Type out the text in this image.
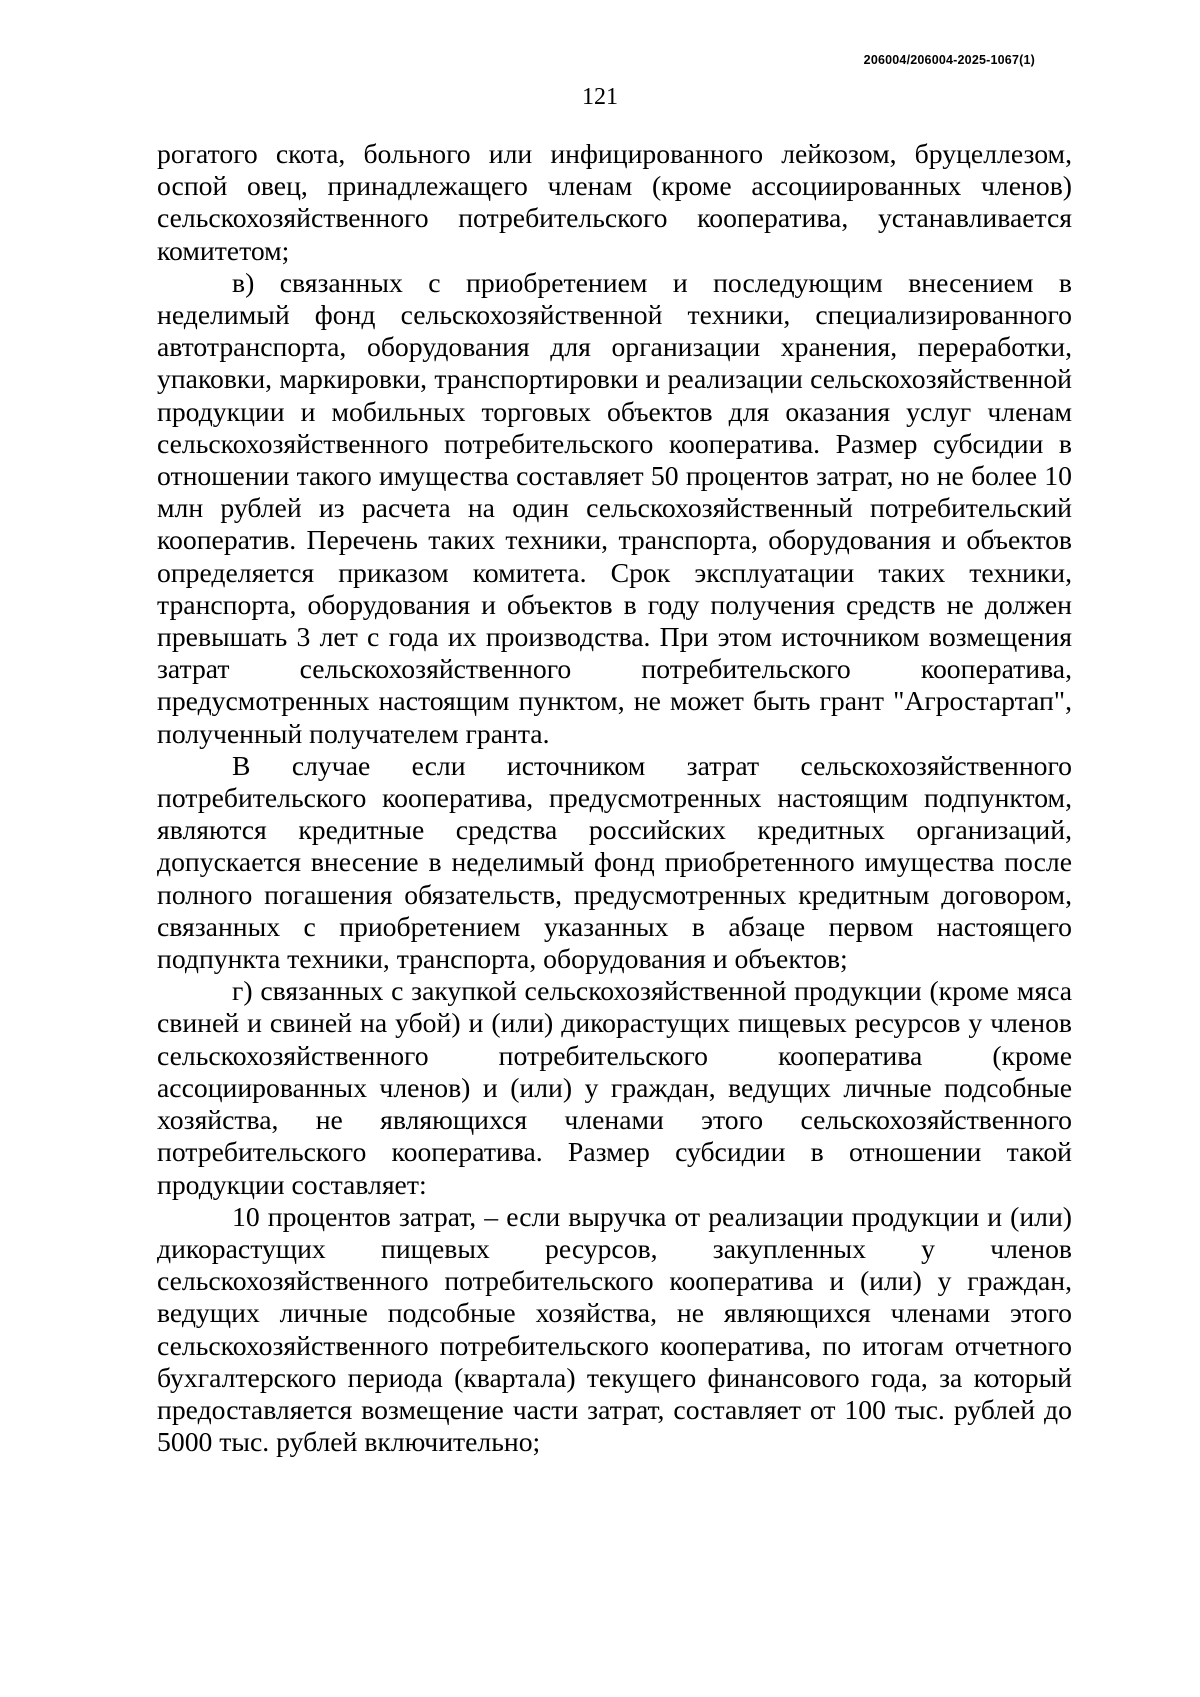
206004/206004-2025-1067(1)
121

рогатого скота, больного или инфицированного лейкозом, бруцеллезом, оспой овец, принадлежащего членам (кроме ассоциированных членов) сельскохозяйственного потребительского кооператива, устанавливается комитетом;

в) связанных с приобретением и последующим внесением в неделимый фонд сельскохозяйственной техники, специализированного автотранспорта, оборудования для организации хранения, переработки, упаковки, маркировки, транспортировки и реализации сельскохозяйственной продукции и мобильных торговых объектов для оказания услуг членам сельскохозяйственного потребительского кооператива. Размер субсидии в отношении такого имущества составляет 50 процентов затрат, но не более 10 млн рублей из расчета на один сельскохозяйственный потребительский кооператив. Перечень таких техники, транспорта, оборудования и объектов определяется приказом комитета. Срок эксплуатации таких техники, транспорта, оборудования и объектов в году получения средств не должен превышать 3 лет с года их производства. При этом источником возмещения затрат сельскохозяйственного потребительского кооператива, предусмотренных настоящим пунктом, не может быть грант "Агростартап", полученный получателем гранта.

В случае если источником затрат сельскохозяйственного потребительского кооператива, предусмотренных настоящим подпунктом, являются кредитные средства российских кредитных организаций, допускается внесение в неделимый фонд приобретенного имущества после полного погашения обязательств, предусмотренных кредитным договором, связанных с приобретением указанных в абзаце первом настоящего подпункта техники, транспорта, оборудования и объектов;

г) связанных с закупкой сельскохозяйственной продукции (кроме мяса свиней и свиней на убой) и (или) дикорастущих пищевых ресурсов у членов сельскохозяйственного потребительского кооператива (кроме ассоциированных членов) и (или) у граждан, ведущих личные подсобные хозяйства, не являющихся членами этого сельскохозяйственного потребительского кооператива. Размер субсидии в отношении такой продукции составляет:

10 процентов затрат, – если выручка от реализации продукции и (или) дикорастущих пищевых ресурсов, закупленных у членов сельскохозяйственного потребительского кооператива и (или) у граждан, ведущих личные подсобные хозяйства, не являющихся членами этого сельскохозяйственного потребительского кооператива, по итогам отчетного бухгалтерского периода (квартала) текущего финансового года, за который предоставляется возмещение части затрат, составляет от 100 тыс. рублей до 5000 тыс. рублей включительно;
